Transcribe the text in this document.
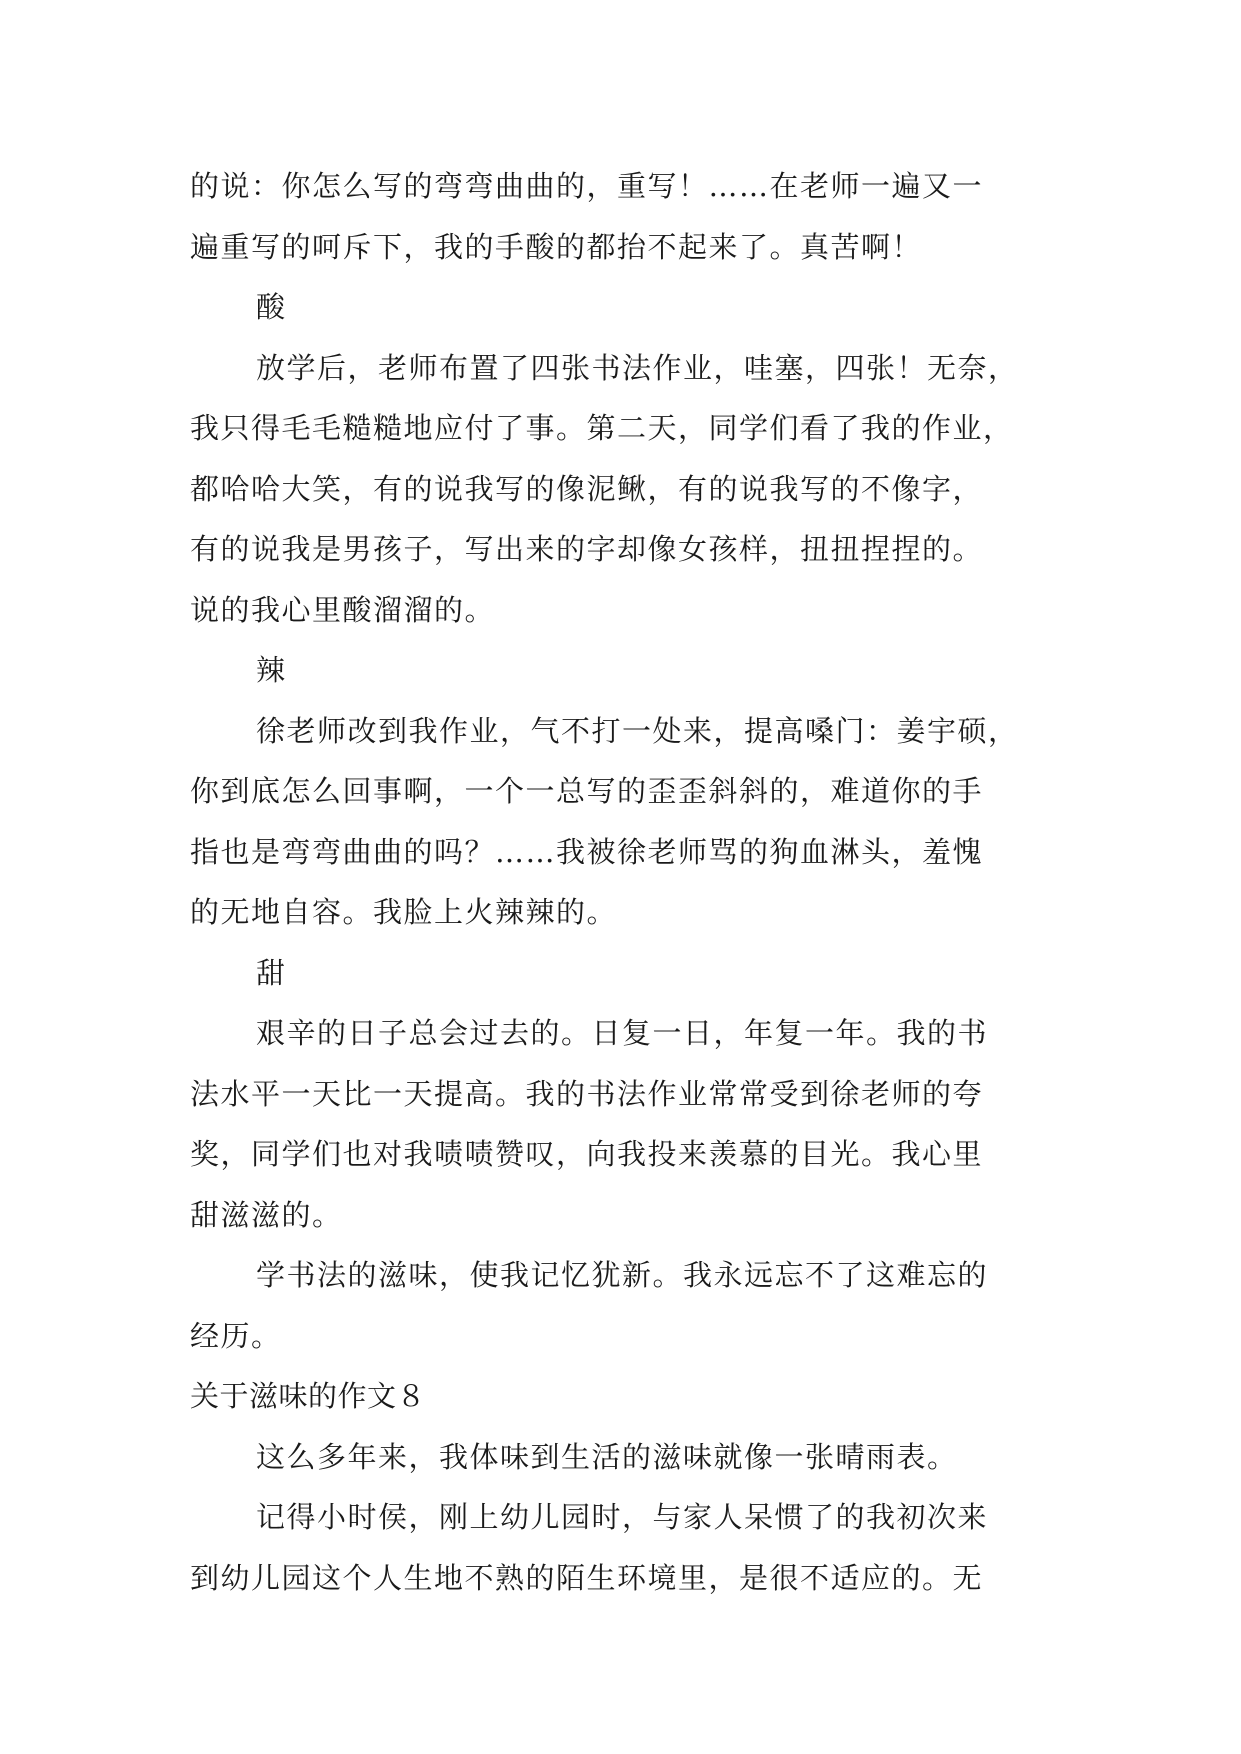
的说：你怎么写的弯弯曲曲的，重写！……在老师一遍又一
遍重写的呵斥下，我的手酸的都抬不起来了。真苦啊！
酸
放学后，老师布置了四张书法作业，哇塞，四张！无奈，
我只得毛毛糙糙地应付了事。第二天，同学们看了我的作业，
都哈哈大笑，有的说我写的像泥鳅，有的说我写的不像字，
有的说我是男孩子，写出来的字却像女孩样，扭扭捏捏的。
说的我心里酸溜溜的。
辣
徐老师改到我作业，气不打一处来，提高嗓门：姜宇硕，
你到底怎么回事啊，一个一总写的歪歪斜斜的，难道你的手
指也是弯弯曲曲的吗？……我被徐老师骂的狗血淋头，羞愧
的无地自容。我脸上火辣辣的。
甜
艰辛的日子总会过去的。日复一日，年复一年。我的书
法水平一天比一天提高。我的书法作业常常受到徐老师的夸
奖，同学们也对我啧啧赞叹，向我投来羡慕的目光。我心里
甜滋滋的。
学书法的滋味，使我记忆犹新。我永远忘不了这难忘的
经历。
关于滋味的作文８
这么多年来，我体味到生活的滋味就像一张晴雨表。
记得小时侯，刚上幼儿园时，与家人呆惯了的我初次来
到幼儿园这个人生地不熟的陌生环境里，是很不适应的。无
